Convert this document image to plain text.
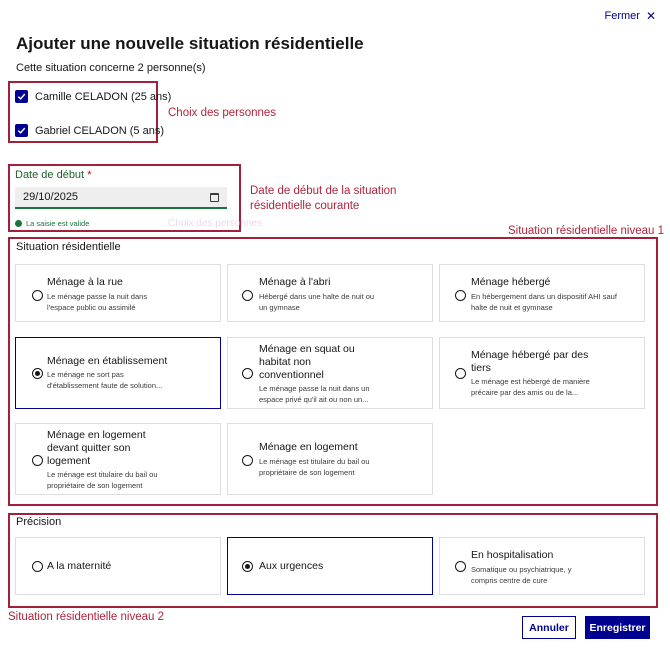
Fermer ✕
Ajouter une nouvelle situation résidentielle
Cette situation concerne 2 personne(s)
Camille CELADON (25 ans)
Gabriel CELADON (5 ans)
Choix des personnes
Date de début *
29/10/2025
La saisie est valide	Choix des personnes
Date de début de la situation résidentielle courante
Situation résidentielle niveau 1
Situation résidentielle
Ménage à la rue
Le ménage passe la nuit dans l'espace public ou assimilé
Ménage à l'abri
Hébergé dans une halte de nuit ou un gymnase
Ménage hébergé
En hébergement dans un dispositif AHI sauf halte de nuit et gymnase
Ménage en établissement
Le ménage ne sort pas d'établissement faute de solution...
Ménage en squat ou habitat non conventionnel
Le ménage passe la nuit dans un espace privé qu'il ait ou non un...
Ménage hébergé par des tiers
Le ménage est hébergé de manière précaire par des amis ou de la...
Ménage en logement devant quitter son logement
Le ménage est titulaire du bail ou propriétaire de son logement
Ménage en logement
Le ménage est titulaire du bail ou propriétaire de son logement
Précision
A la maternité	Aux urgences
En hospitalisation
Somatique ou psychiatrique, y compris centre de cure
Situation résidentielle niveau 2
Annuler	Enregistrer
